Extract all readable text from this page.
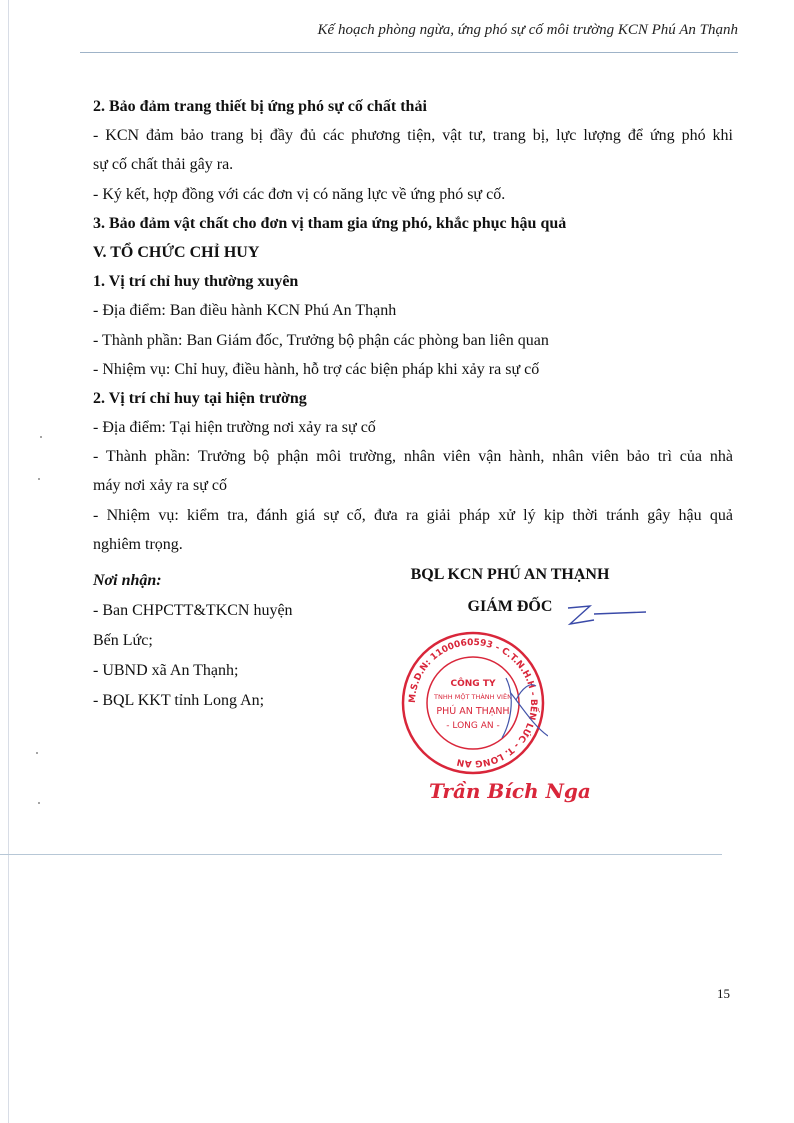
Kế hoạch phòng ngừa, ứng phó sự cố môi trường KCN Phú An Thạnh
2. Bảo đảm trang thiết bị ứng phó sự cố chất thải
- KCN đảm bảo trang bị đầy đủ các phương tiện, vật tư, trang bị, lực lượng để ứng phó khi
sự cố chất thải gây ra.
- Ký kết, hợp đồng với các đơn vị có năng lực về ứng phó sự cố.
3. Bảo đảm vật chất cho đơn vị tham gia ứng phó, khắc phục hậu quả
V. TỔ CHỨC CHỈ HUY
1. Vị trí chỉ huy thường xuyên
- Địa điểm: Ban điều hành KCN Phú An Thạnh
- Thành phần: Ban Giám đốc, Trưởng bộ phận các phòng ban liên quan
- Nhiệm vụ: Chỉ huy, điều hành, hỗ trợ các biện pháp khi xảy ra sự cố
2. Vị trí chỉ huy tại hiện trường
- Địa điểm: Tại hiện trường nơi xảy ra sự cố
- Thành phần: Trưởng bộ phận môi trường, nhân viên vận hành, nhân viên bảo trì của nhà
máy nơi xảy ra sự cố
- Nhiệm vụ: kiểm tra, đánh giá sự cố, đưa ra giải pháp xử lý kịp thời tránh gây hậu quả
nghiêm trọng.
Nơi nhận:
- Ban CHPCTT&TKCN huyện
Bến Lức;
- UBND xã An Thạnh;
- BQL KKT tỉnh Long An;
BQL KCN PHÚ AN THẠNH
GIÁM ĐỐC
M.S.D.N: 1100060593 - C.T.N.H.H - BẾN LỨC - T. LONG AN
CÔNG TY
TNHH MỘT THÀNH VIÊN
PHÚ AN THẠNH
- LONG AN -
Trần Bích Nga
15
